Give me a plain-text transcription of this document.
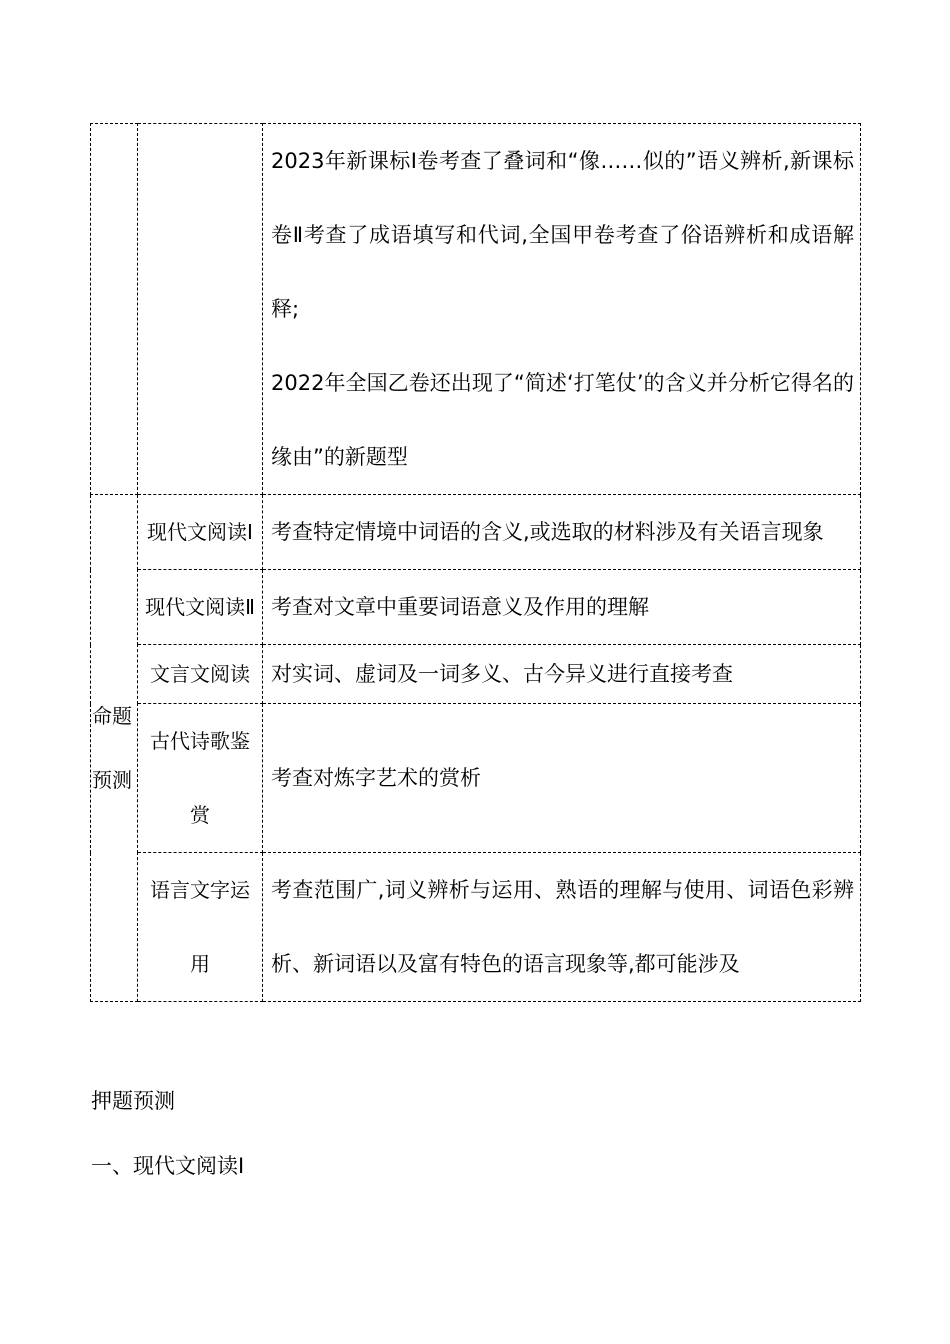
		2023年新课标Ⅰ卷考查了叠词和“像……似的”语义辨析,新课标卷Ⅱ考查了成语填写和代词,全国甲卷考查了俗语辨析和成语解释;

2022年全国乙卷还出现了“简述‘打笔仗’的含义并分析它得名的缘由”的新题型

命题预测	现代文阅读Ⅰ	考查特定情境中词语的含义,或选取的材料涉及有关语言现象
	现代文阅读Ⅱ	考查对文章中重要词语意义及作用的理解
	文言文阅读	对实词、虚词及一词多义、古今异义进行直接考查
	古代诗歌鉴赏	考查对炼字艺术的赏析
	语言文字运用	考查范围广,词义辨析与运用、熟语的理解与使用、词语色彩辨析、新词语以及富有特色的语言现象等,都可能涉及
押题预测
一、现代文阅读Ⅰ
